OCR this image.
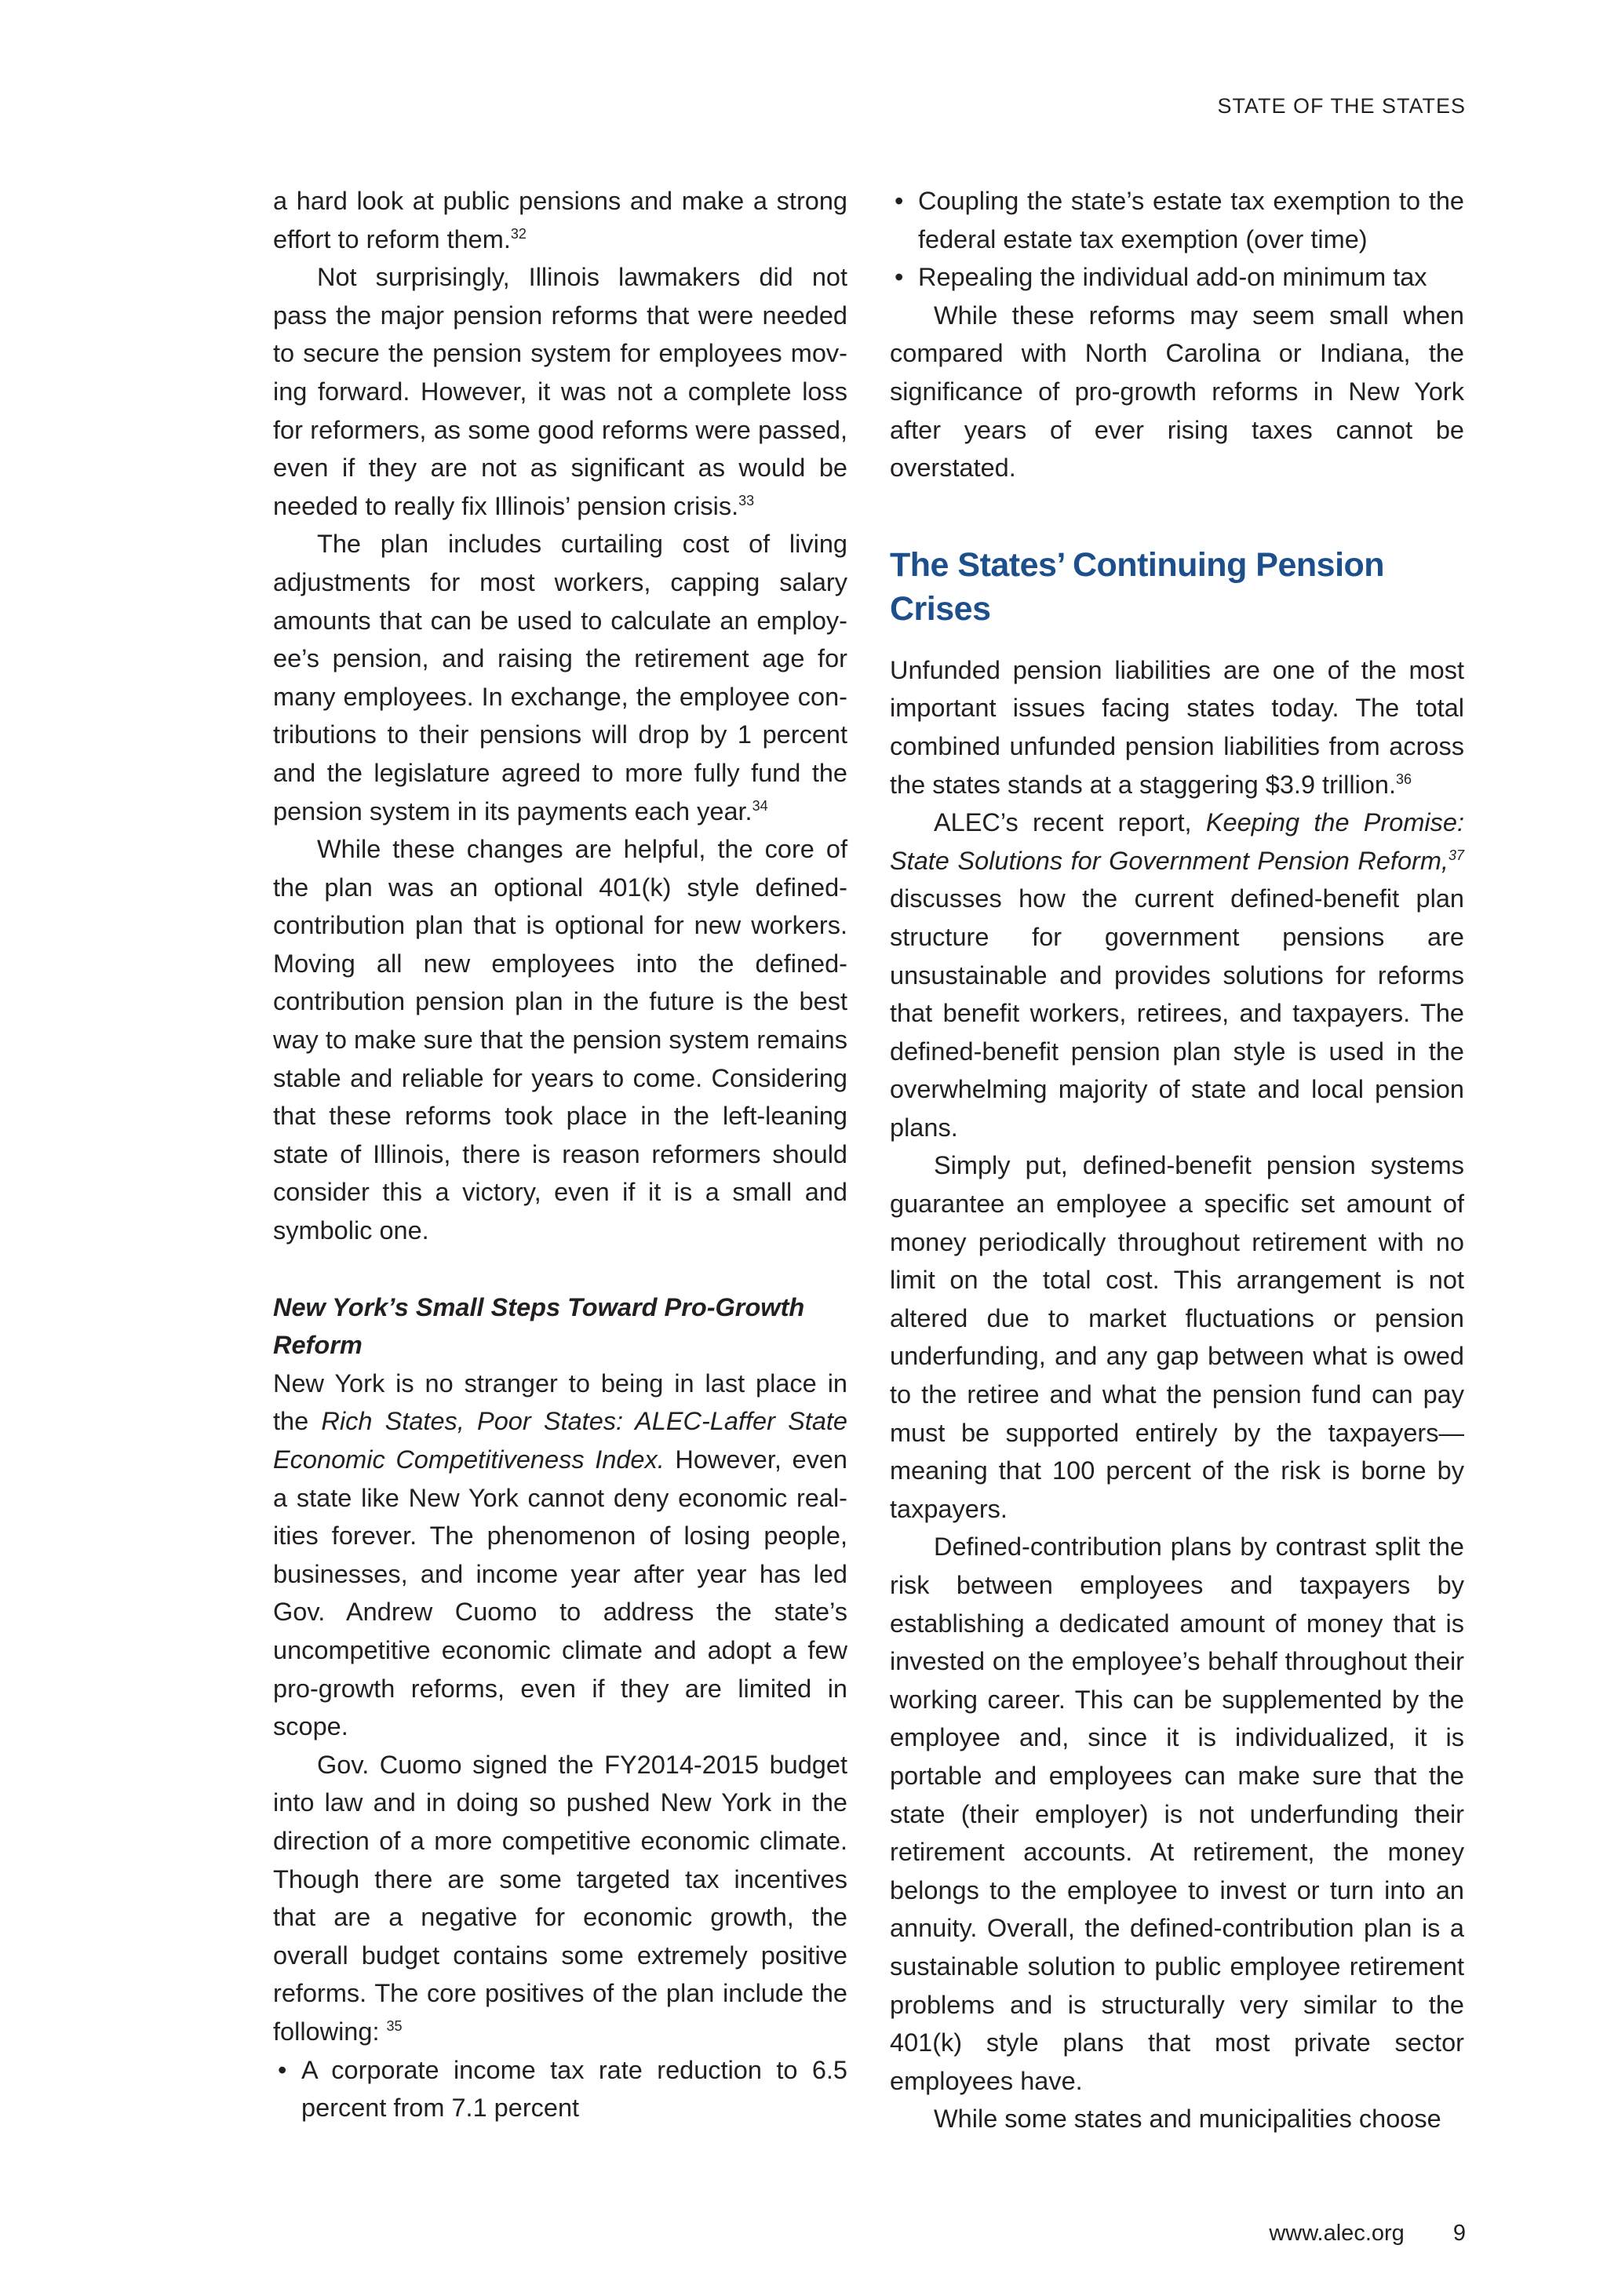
STATE OF THE STATES

a hard look at public pensions and make a strong effort to reform them.$^{32}$

Not surprisingly, Illinois lawmakers did not pass the major pension reforms that were needed to secure the pension system for employees moving forward. However, it was not a complete loss for reformers, as some good reforms were passed, even if they are not as significant as would be needed to really fix Illinois’ pension crisis.$^{33}$

The plan includes curtailing cost of living adjustments for most workers, capping salary amounts that can be used to calculate an employee’s pension, and raising the retirement age for many employees. In exchange, the employee contributions to their pensions will drop by 1 percent and the legislature agreed to more fully fund the pension system in its payments each year.$^{34}$

While these changes are helpful, the core of the plan was an optional 401(k) style defined-contribution plan that is optional for new workers. Moving all new employees into the defined-contribution pension plan in the future is the best way to make sure that the pension system remains stable and reliable for years to come. Considering that these reforms took place in the left-leaning state of Illinois, there is reason reformers should consider this a victory, even if it is a small and symbolic one.

New York’s Small Steps Toward Pro-Growth Reform

New York is no stranger to being in last place in the Rich States, Poor States: ALEC-Laffer State Economic Competitiveness Index. However, even a state like New York cannot deny economic realities forever. The phenomenon of losing people, businesses, and income year after year has led Gov. Andrew Cuomo to address the state’s uncompetitive economic climate and adopt a few pro-growth reforms, even if they are limited in scope.

Gov. Cuomo signed the FY2014-2015 budget into law and in doing so pushed New York in the direction of a more competitive economic climate. Though there are some targeted tax incentives that are a negative for economic growth, the overall budget contains some extremely positive reforms. The core positives of the plan include the following: $^{35}$

• A corporate income tax rate reduction to 6.5 percent from 7.1 percent
• Coupling the state’s estate tax exemption to the federal estate tax exemption (over time)
• Repealing the individual add-on minimum tax

While these reforms may seem small when compared with North Carolina or Indiana, the significance of pro-growth reforms in New York after years of ever rising taxes cannot be overstated.

The States’ Continuing Pension Crises

Unfunded pension liabilities are one of the most important issues facing states today. The total combined unfunded pension liabilities from across the states stands at a staggering $3.9 trillion.$^{36}$

ALEC’s recent report, Keeping the Promise: State Solutions for Government Pension Reform,$^{37}$ discusses how the current defined-benefit plan structure for government pensions are unsustainable and provides solutions for reforms that benefit workers, retirees, and taxpayers. The defined-benefit pension plan style is used in the overwhelming majority of state and local pension plans.

Simply put, defined-benefit pension systems guarantee an employee a specific set amount of money periodically throughout retirement with no limit on the total cost. This arrangement is not altered due to market fluctuations or pension underfunding, and any gap between what is owed to the retiree and what the pension fund can pay must be supported entirely by the taxpayers—meaning that 100 percent of the risk is borne by taxpayers.

Defined-contribution plans by contrast split the risk between employees and taxpayers by establishing a dedicated amount of money that is invested on the employee’s behalf throughout their working career. This can be supplemented by the employee and, since it is individualized, it is portable and employees can make sure that the state (their employer) is not underfunding their retirement accounts. At retirement, the money belongs to the employee to invest or turn into an annuity. Overall, the defined-contribution plan is a sustainable solution to public employee retirement problems and is structurally very similar to the 401(k) style plans that most private sector employees have.

While some states and municipalities choose

www.alec.org 9
